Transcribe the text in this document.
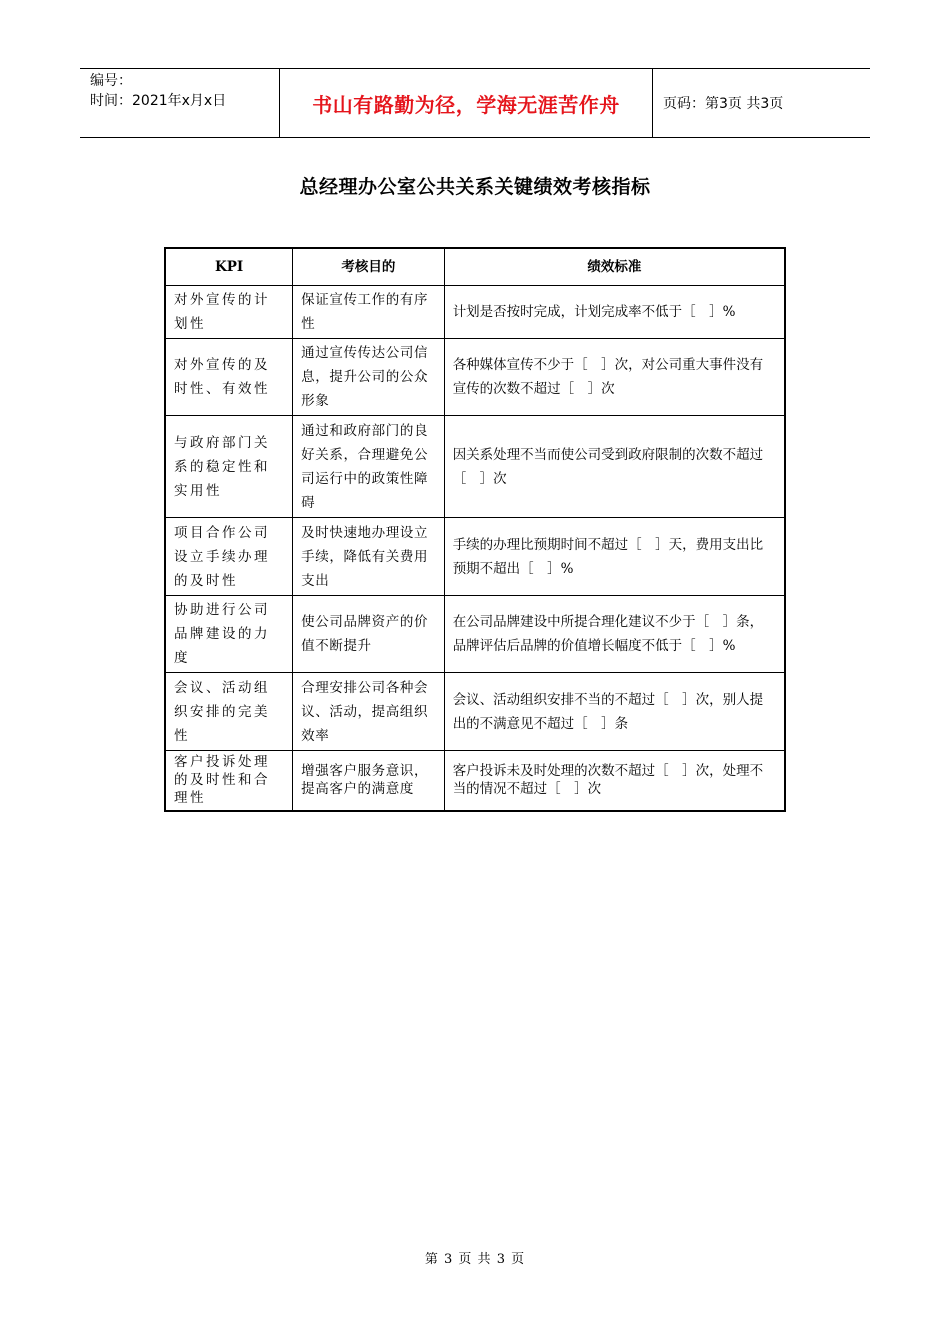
编号：
时间：2021年x月x日	书山有路勤为径，学海无涯苦作舟	页码：第3页 共3页
总经理办公室公共关系关键绩效考核指标
KPI	考核目的	绩效标准
对外宣传的计划性	保证宣传工作的有序性	计划是否按时完成，计划完成率不低于［　］%
对外宣传的及时性、有效性	通过宣传传达公司信息，提升公司的公众形象	各种媒体宣传不少于［　］次，对公司重大事件没有宣传的次数不超过［　］次
与政府部门关系的稳定性和实用性	通过和政府部门的良好关系，合理避免公司运行中的政策性障碍	因关系处理不当而使公司受到政府限制的次数不超过［　］次
项目合作公司设立手续办理的及时性	及时快速地办理设立手续，降低有关费用支出	手续的办理比预期时间不超过［　］天，费用支出比预期不超出［　］%
协助进行公司品牌建设的力度	使公司品牌资产的价值不断提升	在公司品牌建设中所提合理化建议不少于［　］条，品牌评估后品牌的价值增长幅度不低于［　］%
会议、活动组织安排的完美性	合理安排公司各种会议、活动，提高组织效率	会议、活动组织安排不当的不超过［　］次，别人提出的不满意见不超过［　］条
客户投诉处理的及时性和合理性	增强客户服务意识，提高客户的满意度	客户投诉未及时处理的次数不超过［　］次，处理不当的情况不超过［　］次
第 3 页 共 3 页
